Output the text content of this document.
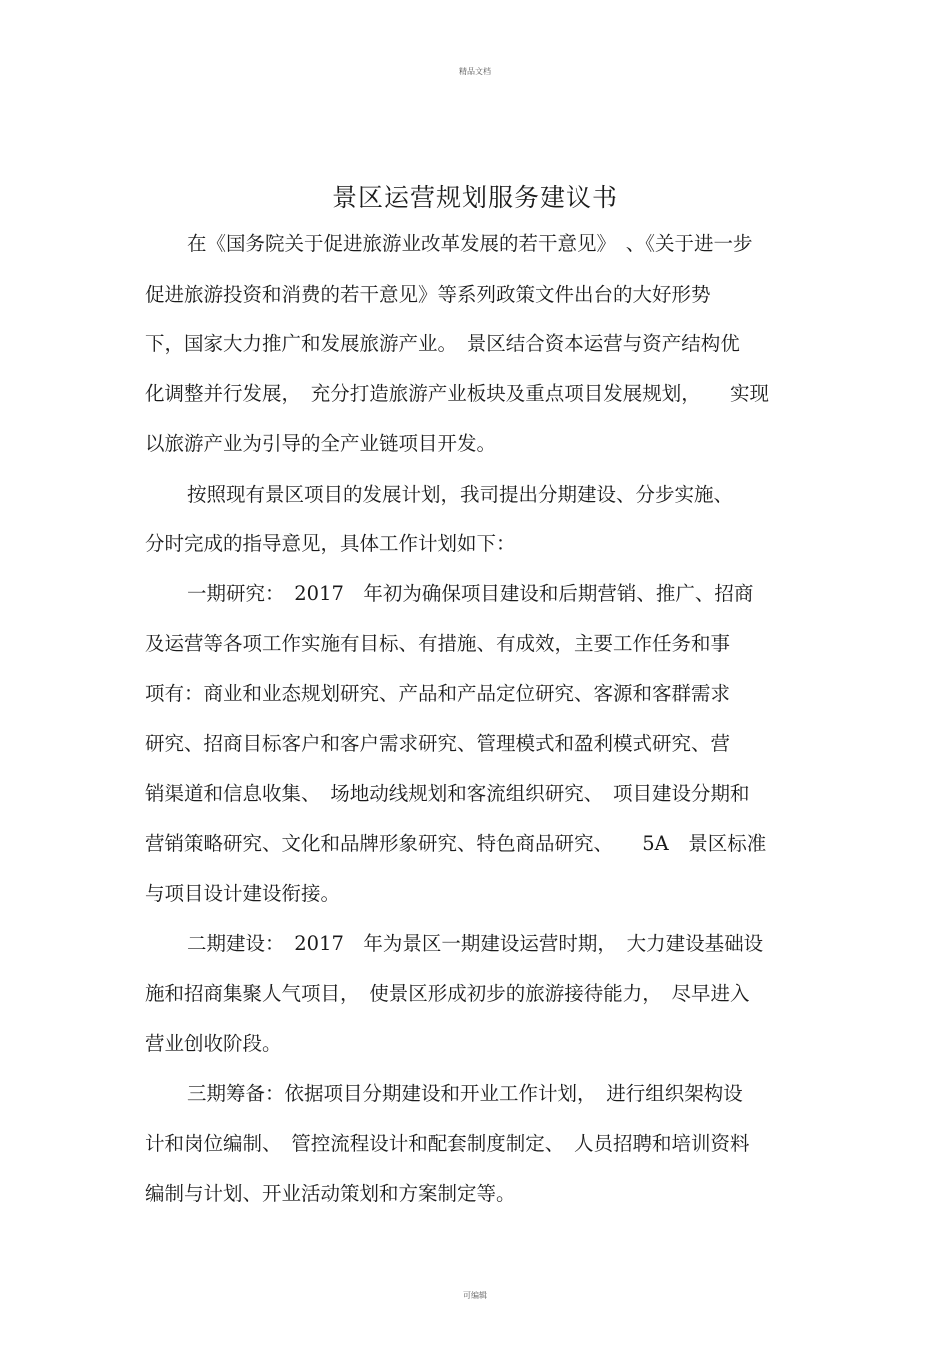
精品文档
景区运营规划服务建议书
在《国务院关于促进旅游业改革发展的若干意见》　、《关于进一步
促进旅游投资和消费的若干意见》等系列政策文件出台的大好形势
下，国家大力推广和发展旅游产业。　景区结合资本运营与资产结构优
化调整并行发展，　充分打造旅游产业板块及重点项目发展规划，　　实现
以旅游产业为引导的全产业链项目开发。
按照现有景区项目的发展计划，我司提出分期建设、分步实施、
分时完成的指导意见，具体工作计划如下：
一期研究：　2017　年初为确保项目建设和后期营销、推广、招商
及运营等各项工作实施有目标、有措施、有成效，主要工作任务和事
项有：商业和业态规划研究、产品和产品定位研究、客源和客群需求
研究、招商目标客户和客户需求研究、管理模式和盈利模式研究、营
销渠道和信息收集、　场地动线规划和客流组织研究、　项目建设分期和
营销策略研究、文化和品牌形象研究、特色商品研究、　　5A　景区标准
与项目设计建设衔接。
二期建设：　2017　年为景区一期建设运营时期，　大力建设基础设
施和招商集聚人气项目，　使景区形成初步的旅游接待能力，　尽早进入
营业创收阶段。
三期筹备：依据项目分期建设和开业工作计划，　进行组织架构设
计和岗位编制、　管控流程设计和配套制度制定、　人员招聘和培训资料
编制与计划、开业活动策划和方案制定等。
可编辑
